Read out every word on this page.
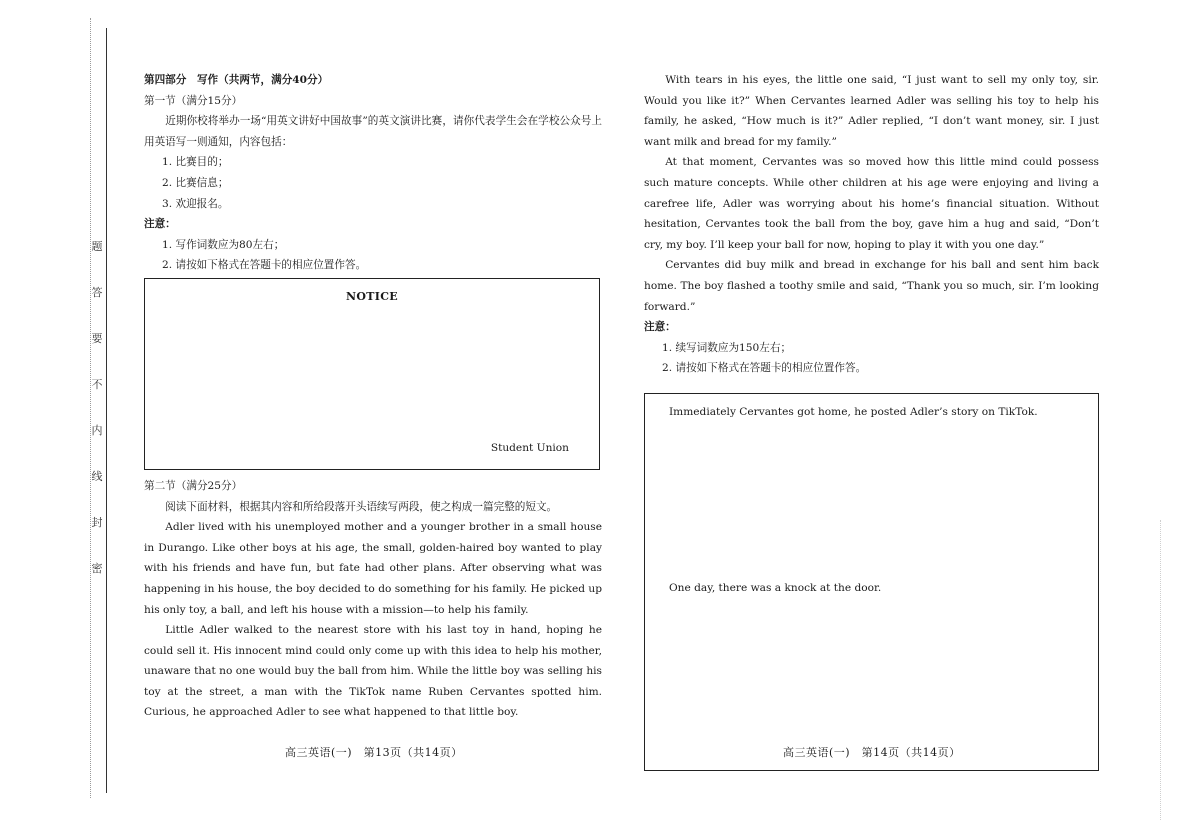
题
答
要
不
内
线
封
密

第四部分　写作（共两节，满分40分）

第一节（满分15分）

近期你校将举办一场“用英文讲好中国故事”的英文演讲比赛，请你代表学生会在学校公众号上用英语写一则通知，内容包括：

1. 比赛目的；

2. 比赛信息；

3. 欢迎报名。

注意：

1. 写作词数应为80左右；

2. 请按如下格式在答题卡的相应位置作答。

NOTICE
Student Union

第二节（满分25分）

阅读下面材料，根据其内容和所给段落开头语续写两段，使之构成一篇完整的短文。

Adler lived with his unemployed mother and a younger brother in a small house in Durango. Like other boys at his age, the small, golden-haired boy wanted to play with his friends and have fun, but fate had other plans. After observing what was happening in his house, the boy decided to do something for his family. He picked up his only toy, a ball, and left his house with a mission—to help his family.

Little Adler walked to the nearest store with his last toy in hand, hoping he could sell it. His innocent mind could only come up with this idea to help his mother, unaware that no one would buy the ball from him. While the little boy was selling his toy at the street, a man with the TikTok name Ruben Cervantes spotted him. Curious, he approached Adler to see what happened to that little boy.

With tears in his eyes, the little one said, “I just want to sell my only toy, sir. Would you like it?” When Cervantes learned Adler was selling his toy to help his family, he asked, “How much is it?” Adler replied, “I don’t want money, sir. I just want milk and bread for my family.”

At that moment, Cervantes was so moved how this little mind could possess such mature concepts. While other children at his age were enjoying and living a carefree life, Adler was worrying about his home’s financial situation. Without hesitation, Cervantes took the ball from the boy, gave him a hug and said, “Don’t cry, my boy. I’ll keep your ball for now, hoping to play it with you one day.”

Cervantes did buy milk and bread in exchange for his ball and sent him back home. The boy flashed a toothy smile and said, “Thank you so much, sir. I’m looking forward.”

注意：

1. 续写词数应为150左右；

2. 请按如下格式在答题卡的相应位置作答。

Immediately Cervantes got home, he posted Adler’s story on TikTok.
One day, there was a knock at the door.
高三英语(一)　第13页（共14页）	高三英语(一)　第14页（共14页）
